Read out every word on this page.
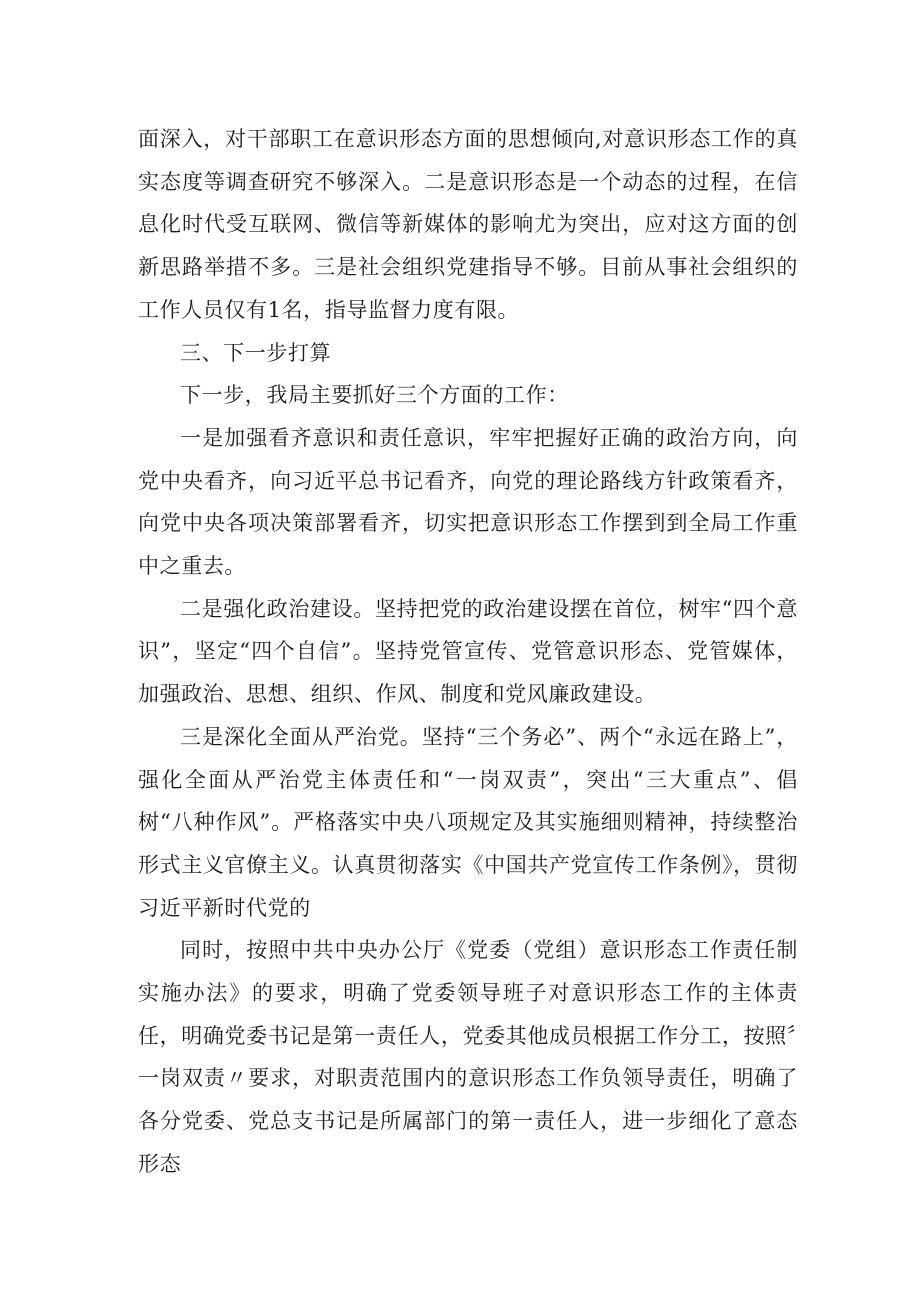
面深入，对干部职工在意识形态方面的思想倾向,对意识形态工作的真实态度等调查研究不够深入。二是意识形态是一个动态的过程，在信息化时代受互联网、微信等新媒体的影响尤为突出，应对这方面的创新思路举措不多。三是社会组织党建指导不够。目前从事社会组织的工作人员仅有1名，指导监督力度有限。

三、下一步打算

下一步，我局主要抓好三个方面的工作：

一是加强看齐意识和责任意识，牢牢把握好正确的政治方向，向党中央看齐，向习近平总书记看齐，向党的理论路线方针政策看齐，向党中央各项决策部署看齐，切实把意识形态工作摆到到全局工作重中之重去。

二是强化政治建设。坚持把党的政治建设摆在首位，树牢“四个意识”，坚定“四个自信”。坚持党管宣传、党管意识形态、党管媒体，加强政治、思想、组织、作风、制度和党风廉政建设。

三是深化全面从严治党。坚持“三个务必”、两个“永远在路上”，强化全面从严治党主体责任和“一岗双责”，突出“三大重点”、倡树“八种作风”。严格落实中央八项规定及其实施细则精神，持续整治形式主义官僚主义。认真贯彻落实《中国共产党宣传工作条例》，贯彻习近平新时代党的

同时，按照中共中央办公厅《党委（党组）意识形态工作责任制实施办法》的要求，明确了党委领导班子对意识形态工作的主体责任，明确党委书记是第一责任人，党委其他成员根据工作分工，按照〞一岗双责〃要求，对职责范围内的意识形态工作负领导责任，明确了各分党委、党总支书记是所属部门的第一责任人，进一步细化了意态形态
